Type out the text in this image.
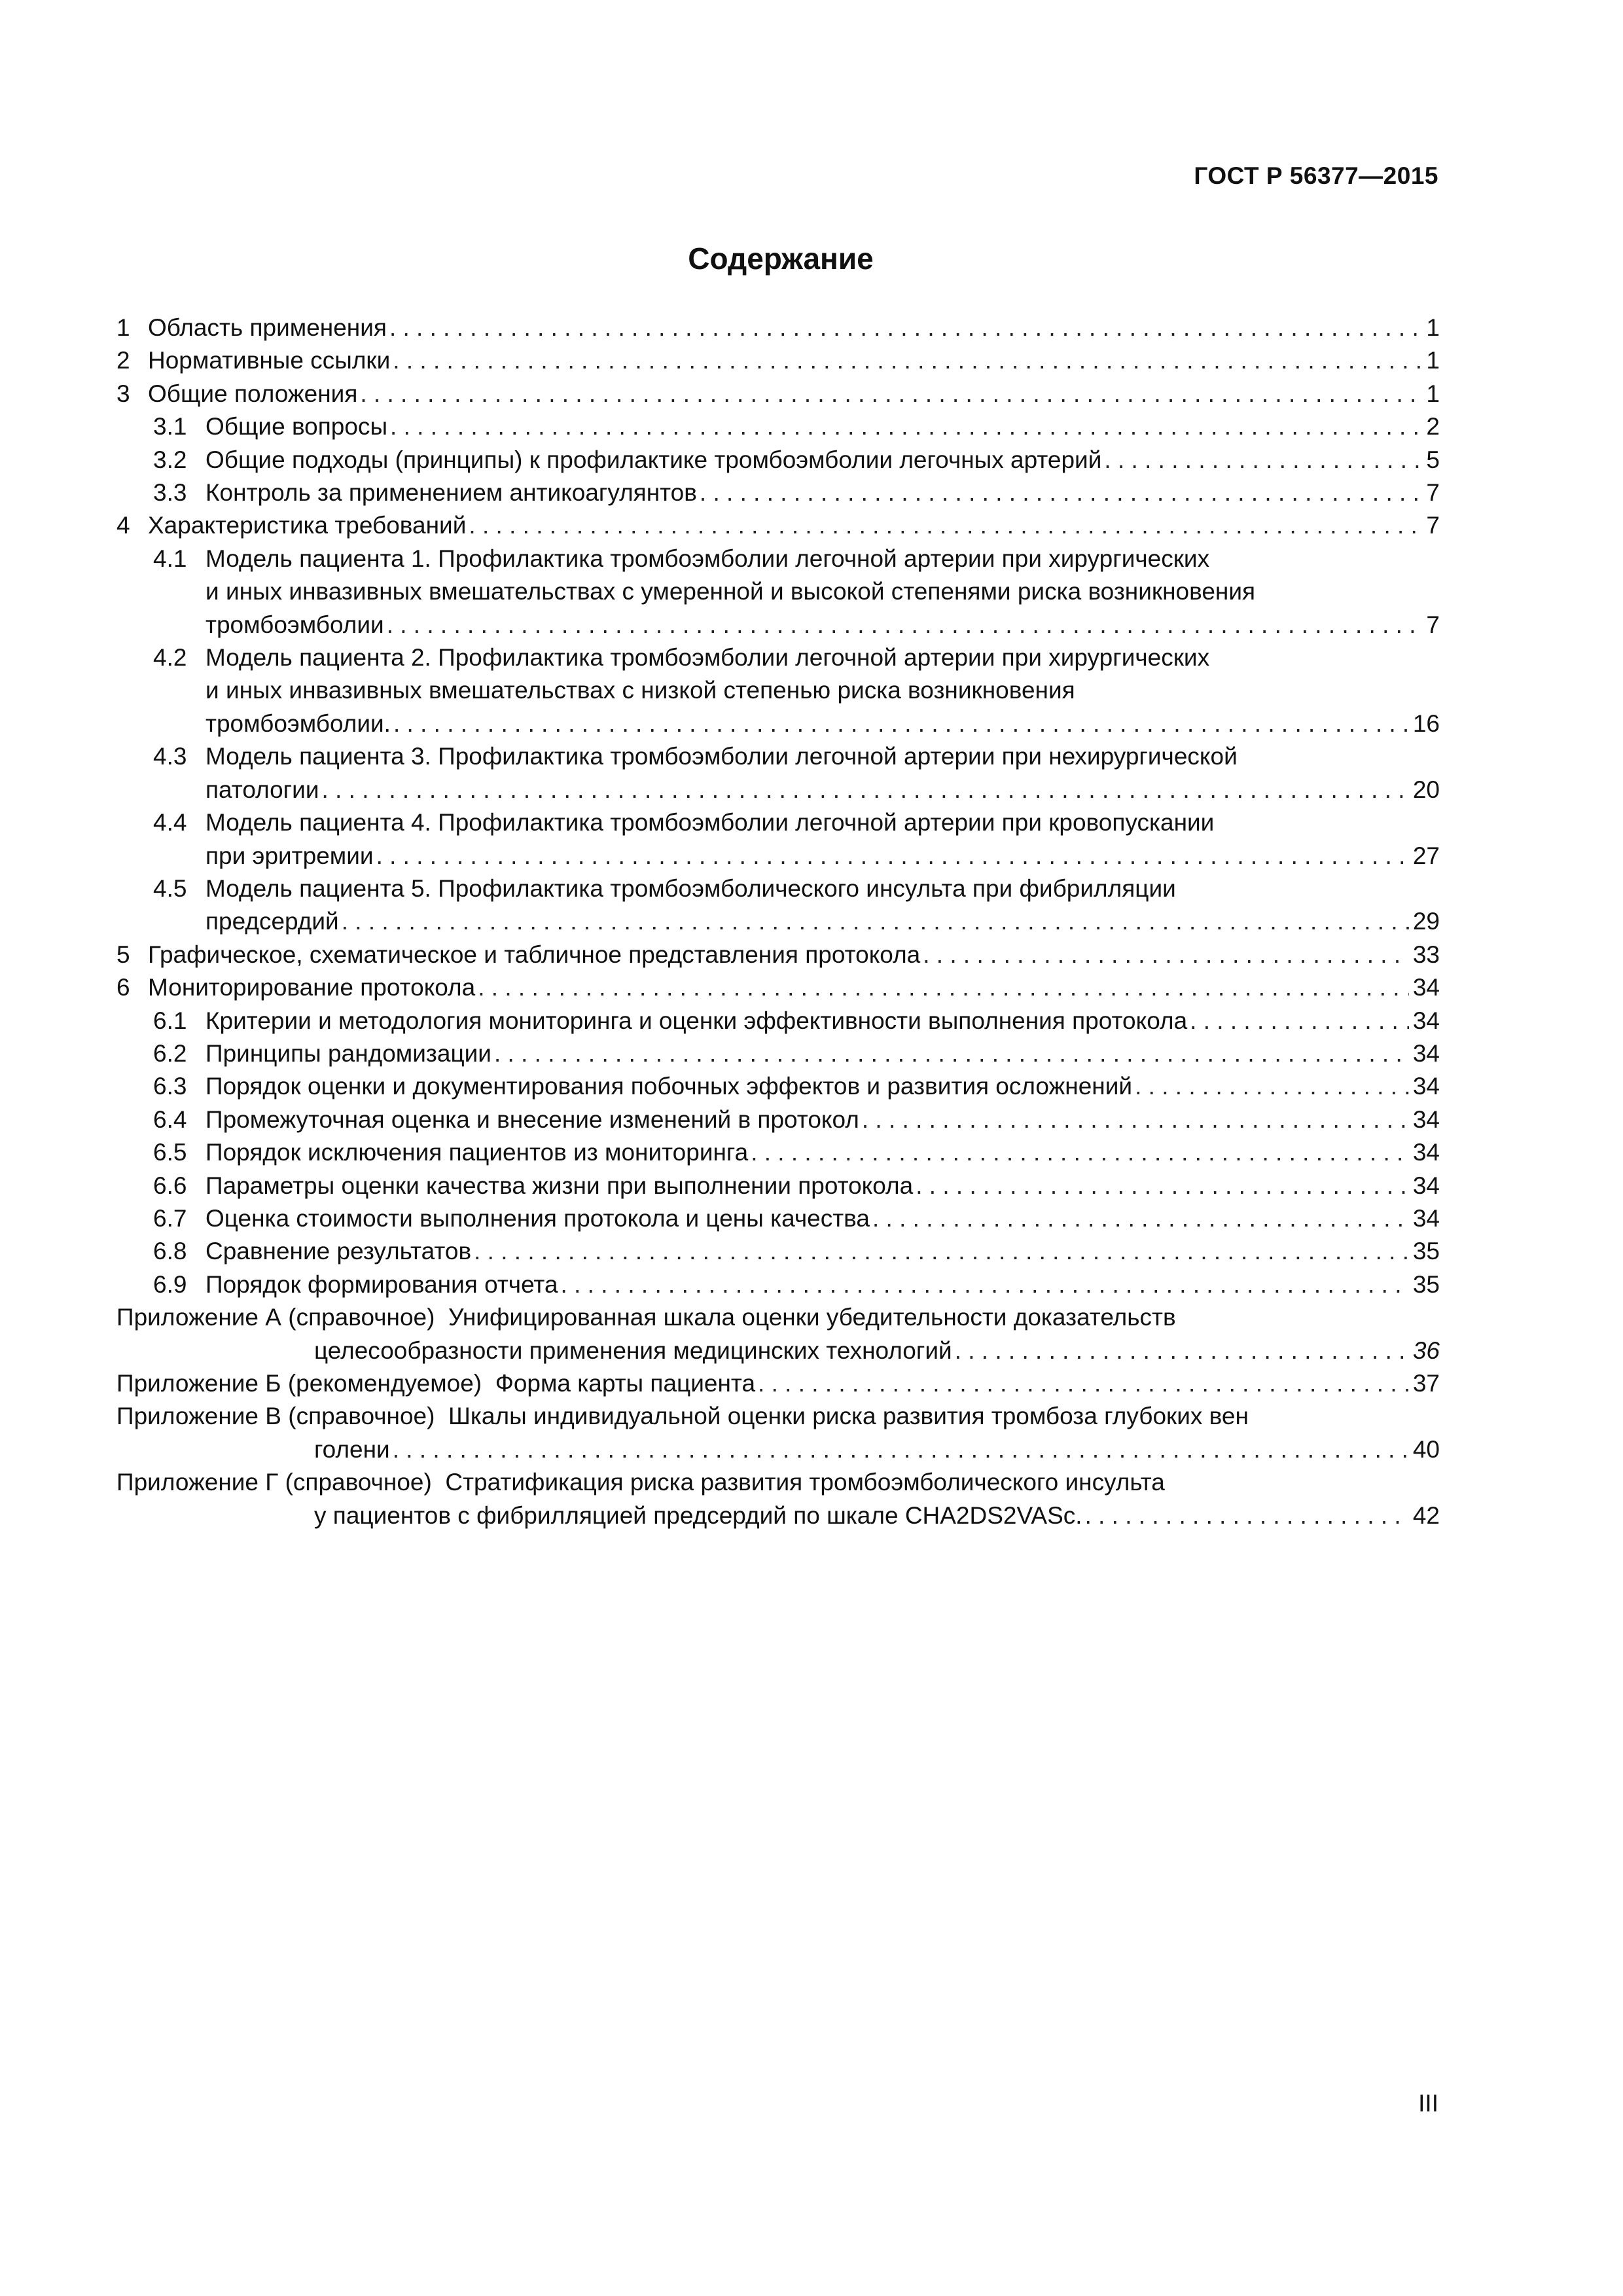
ГОСТ Р 56377—2015
Содержание
1 Область применения . . .	1
2 Нормативные ссылки . . .	1
3 Общие положения . . .	1
3.1 Общие вопросы . . .	2
3.2 Общие подходы (принципы) к профилактике тромбоэмболии легочных артерий . . .	5
3.3 Контроль за применением антикоагулянтов . . .	7
4 Характеристика требований . . .	7
4.1 Модель пациента 1. Профилактика тромбоэмболии легочной артерии при хирургических
и иных инвазивных вмешательствах с умеренной и высокой степенями риска возникновения
тромбоэмболии . . .	7
4.2 Модель пациента 2. Профилактика тромбоэмболии легочной артерии при хирургических
и иных инвазивных вмешательствах с низкой степенью риска возникновения
тромбоэмболии. . . .	16
4.3 Модель пациента 3. Профилактика тромбоэмболии легочной артерии при нехирургической
патологии . . .	20
4.4 Модель пациента 4. Профилактика тромбоэмболии легочной артерии при кровопускании
при эритремии . . .	27
4.5 Модель пациента 5. Профилактика тромбоэмболического инсульта при фибрилляции
предсердий . . .	29
5 Графическое, схематическое и табличное представления протокола . . .	33
6 Мониторирование протокола . . .	34
6.1 Критерии и методология мониторинга и оценки эффективности выполнения протокола . . .	34
6.2 Принципы рандомизации . . .	34
6.3 Порядок оценки и документирования побочных эффектов и развития осложнений . . .	34
6.4 Промежуточная оценка и внесение изменений в протокол . . .	34
6.5 Порядок исключения пациентов из мониторинга . . .	34
6.6 Параметры оценки качества жизни при выполнении протокола . . .	34
6.7 Оценка стоимости выполнения протокола и цены качества . . .	34
6.8 Сравнение результатов . . .	35
6.9 Порядок формирования отчета . . .	35
Приложение А (справочное) Унифицированная шкала оценки убедительности доказательств
целесообразности применения медицинских технологий . . .	36
Приложение Б (рекомендуемое) Форма карты пациента . . .	37
Приложение В (справочное) Шкалы индивидуальной оценки риска развития тромбоза глубоких вен
голени . . .	40
Приложение Г (справочное) Стратификация риска развития тромбоэмболического инсульта
у пациентов с фибрилляцией предсердий по шкале CHA2DS2VASc. . . .	42
III
